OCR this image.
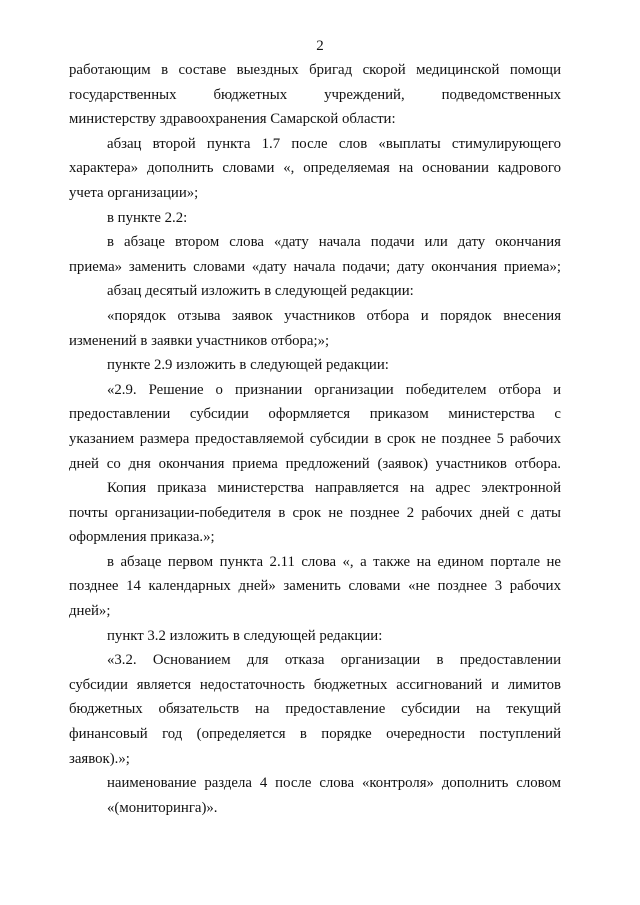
2
работающим в составе выездных бригад скорой медицинской помощи
государственных бюджетных учреждений, подведомственных
министерству здравоохранения Самарской области:
абзац второй пункта 1.7 после слов «выплаты стимулирующего
характера» дополнить словами «, определяемая на основании кадрового
учета организации»;
в пункте 2.2:
в абзаце втором слова «дату начала подачи или дату окончания
приема» заменить словами «дату начала подачи; дату окончания приема»;
абзац десятый изложить в следующей редакции:
«порядок отзыва заявок участников отбора и порядок внесения
изменений в заявки участников отбора;»;
пункте 2.9 изложить в следующей редакции:
«2.9. Решение о признании организации победителем отбора и
предоставлении субсидии оформляется приказом министерства с
указанием размера предоставляемой субсидии в срок не позднее 5 рабочих
дней со дня окончания приема предложений (заявок) участников отбора.
Копия приказа министерства направляется на адрес электронной
почты организации-победителя в срок не позднее 2 рабочих дней с даты
оформления приказа.»;
в абзаце первом пункта 2.11 слова «, а также на едином портале не
позднее 14 календарных дней» заменить словами «не позднее 3 рабочих
дней»;
пункт 3.2 изложить в следующей редакции:
«3.2. Основанием для отказа организации в предоставлении
субсидии является недостаточность бюджетных ассигнований и лимитов
бюджетных обязательств на предоставление субсидии на текущий
финансовый год (определяется в порядке очередности поступлений
заявок).»;
наименование раздела 4 после слова «контроля» дополнить словом
«(мониторинга)».
